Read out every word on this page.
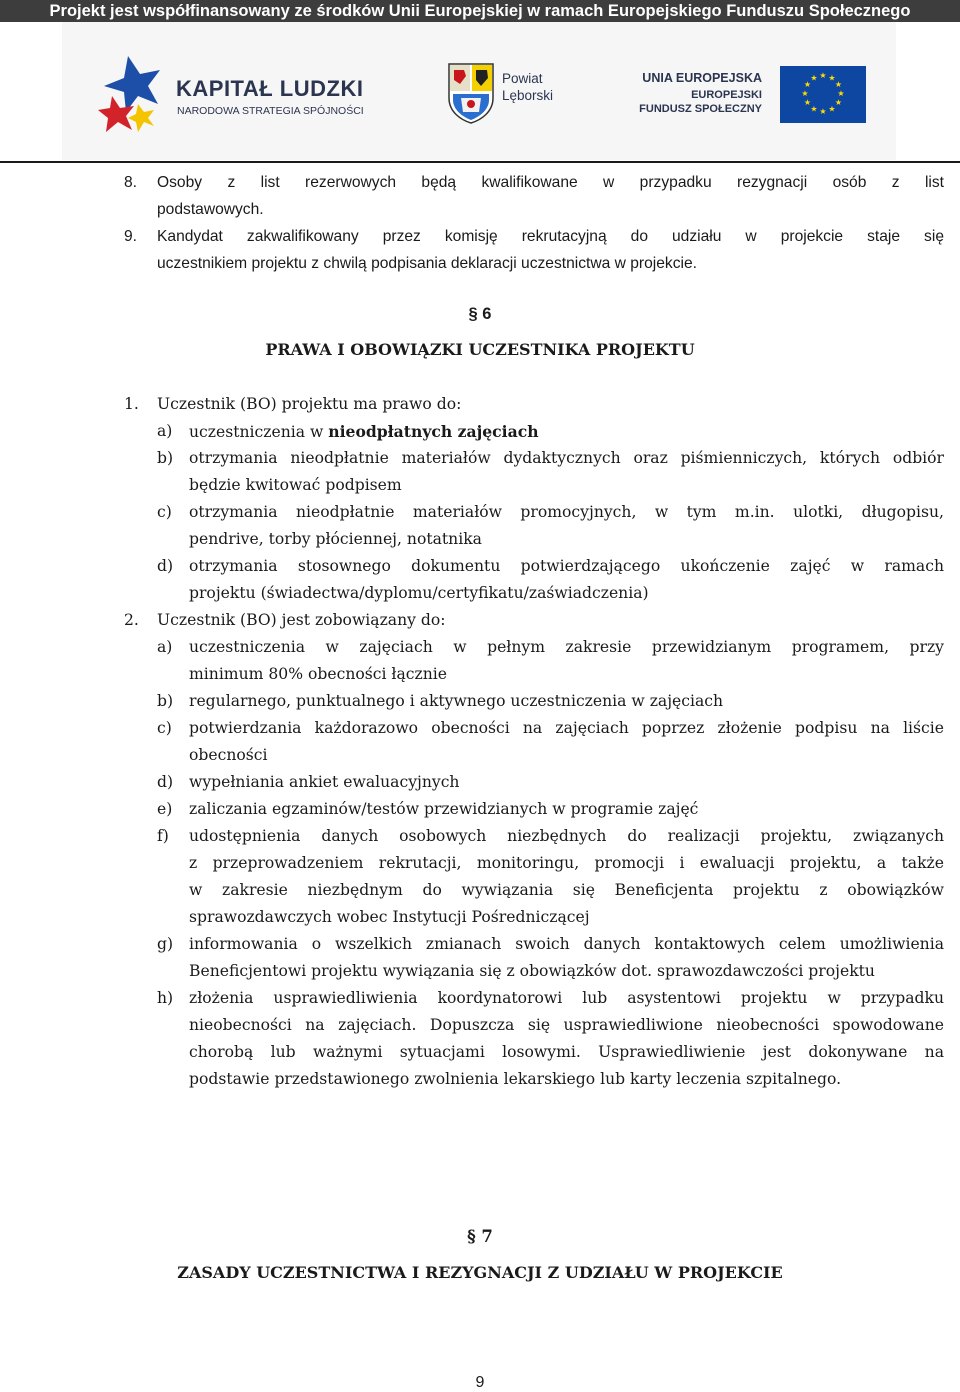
Projekt jest współfinansowany ze środków Unii Europejskiej w ramach Europejskiego Funduszu Społecznego
KAPITAŁ LUDZKI
NARODOWA STRATEGIA SPÓJNOŚCI
Powiat
Lęborski
UNIA EUROPEJSKA
EUROPEJSKI
FUNDUSZ SPOŁECZNY
★ ★
★
★
★
★
★
★
★
★
★
★
8. Osoby z list rezerwowych będą kwalifikowane w przypadku rezygnacji osób z list
podstawowych.
9. Kandydat zakwalifikowany przez komisję rekrutacyjną do udziału w projekcie staje się
uczestnikiem projektu z chwilą podpisania deklaracji uczestnictwa w projekcie.
§ 6
PRAWA I OBOWIĄZKI UCZESTNIKA PROJEKTU
1. Uczestnik (BO) projektu ma prawo do:
a) uczestniczenia w nieodpłatnych zajęciach
b) otrzymania nieodpłatnie materiałów dydaktycznych oraz piśmienniczych, których odbiór
będzie kwitować podpisem
c) otrzymania nieodpłatnie materiałów promocyjnych, w tym m.in. ulotki, długopisu,
pendrive, torby płóciennej, notatnika
d) otrzymania stosownego dokumentu potwierdzającego ukończenie zajęć w ramach
projektu (świadectwa/dyplomu/certyfikatu/zaświadczenia)
2. Uczestnik (BO) jest zobowiązany do:
a) uczestniczenia w zajęciach w pełnym zakresie przewidzianym programem, przy
minimum 80% obecności łącznie
b) regularnego, punktualnego i aktywnego uczestniczenia w zajęciach
c) potwierdzania każdorazowo obecności na zajęciach poprzez złożenie podpisu na liście
obecności
d) wypełniania ankiet ewaluacyjnych
e) zaliczania egzaminów/testów przewidzianych w programie zajęć
f) udostępnienia danych osobowych niezbędnych do realizacji projektu, związanych
z przeprowadzeniem rekrutacji, monitoringu, promocji i ewaluacji projektu, a także
w zakresie niezbędnym do wywiązania się Beneficjenta projektu z obowiązków
sprawozdawczych wobec Instytucji Pośredniczącej
g) informowania o wszelkich zmianach swoich danych kontaktowych celem umożliwienia
Beneficjentowi projektu wywiązania się z obowiązków dot. sprawozdawczości projektu
h) złożenia usprawiedliwienia koordynatorowi lub asystentowi projektu w przypadku
nieobecności na zajęciach. Dopuszcza się usprawiedliwione nieobecności spowodowane
chorobą lub ważnymi sytuacjami losowymi. Usprawiedliwienie jest dokonywane na
podstawie przedstawionego zwolnienia lekarskiego lub karty leczenia szpitalnego.
§ 7
ZASADY UCZESTNICTWA I REZYGNACJI Z UDZIAŁU W PROJEKCIE
9
